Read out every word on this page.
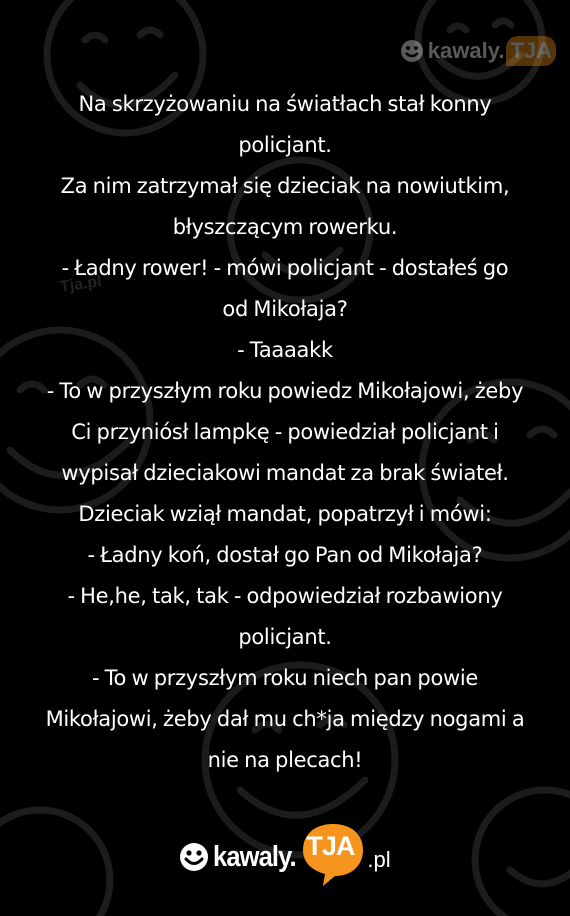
kawaly. TJA
Tja.pl

Na skrzyżowaniu na światłach stał konny

policjant.

Za nim zatrzymał się dzieciak na nowiutkim,

błyszczącym rowerku.

- Ładny rower! - mówi policjant - dostałeś go

od Mikołaja?

- Taaaakk

- To w przyszłym roku powiedz Mikołajowi, żeby

Ci przyniósł lampkę - powiedział policjant i

wypisał dzieciakowi mandat za brak świateł.

Dzieciak wziął mandat, popatrzył i mówi:

- Ładny koń, dostał go Pan od Mikołaja?

- He,he, tak, tak - odpowiedział rozbawiony

policjant.

- To w przyszłym roku niech pan powie

Mikołajowi, żeby dał mu ch*ja między nogami a

nie na plecach!

kawaly. TJA .pl
